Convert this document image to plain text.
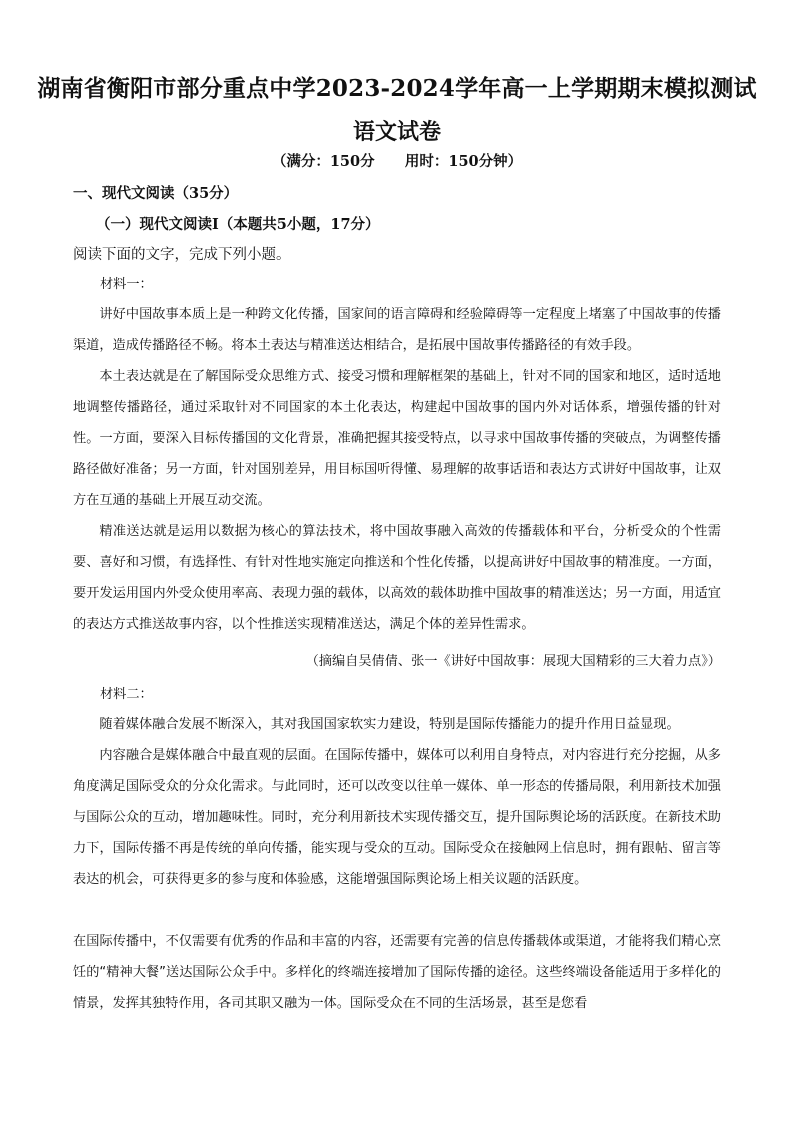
湖南省衡阳市部分重点中学2023-2024学年高一上学期期末模拟测试
语文试卷
（满分：150分      用时：150分钟）
一、现代文阅读（35分）
（一）现代文阅读Ⅰ（本题共5小题，17分）
阅读下面的文字，完成下列小题。
材料一：

讲好中国故事本质上是一种跨文化传播，国家间的语言障碍和经验障碍等一定程度上堵塞了中国故事的传播渠道，造成传播路径不畅。将本土表达与精准送达相结合，是拓展中国故事传播路径的有效手段。

本土表达就是在了解国际受众思维方式、接受习惯和理解框架的基础上，针对不同的国家和地区，适时适地地调整传播路径，通过采取针对不同国家的本土化表达，构建起中国故事的国内外对话体系，增强传播的针对性。一方面，要深入目标传播国的文化背景，准确把握其接受特点，以寻求中国故事传播的突破点，为调整传播路径做好准备；另一方面，针对国别差异，用目标国听得懂、易理解的故事话语和表达方式讲好中国故事，让双方在互通的基础上开展互动交流。

精准送达就是运用以数据为核心的算法技术，将中国故事融入高效的传播载体和平台，分析受众的个性需要、喜好和习惯，有选择性、有针对性地实施定向推送和个性化传播，以提高讲好中国故事的精准度。一方面，要开发运用国内外受众使用率高、表现力强的载体，以高效的载体助推中国故事的精准送达；另一方面，用适宜的表达方式推送故事内容，以个性推送实现精准送达，满足个体的差异性需求。

（摘编自吴倩倩、张一《讲好中国故事：展现大国精彩的三大着力点》）
材料二：

随着媒体融合发展不断深入，其对我国国家软实力建设，特别是国际传播能力的提升作用日益显现。

内容融合是媒体融合中最直观的层面。在国际传播中，媒体可以利用自身特点，对内容进行充分挖掘，从多角度满足国际受众的分众化需求。与此同时，还可以改变以往单一媒体、单一形态的传播局限，利用新技术加强与国际公众的互动，增加趣味性。同时，充分利用新技术实现传播交互，提升国际舆论场的活跃度。在新技术助力下，国际传播不再是传统的单向传播，能实现与受众的互动。国际受众在接触网上信息时，拥有跟帖、留言等表达的机会，可获得更多的参与度和体验感，这能增强国际舆论场上相关议题的活跃度。

在国际传播中，不仅需要有优秀的作品和丰富的内容，还需要有完善的信息传播载体或渠道，才能将我们精心烹饪的“精神大餐”送达国际公众手中。多样化的终端连接增加了国际传播的途径。这些终端设备能适用于多样化的情景，发挥其独特作用，各司其职又融为一体。国际受众在不同的生活场景，甚至是您看
